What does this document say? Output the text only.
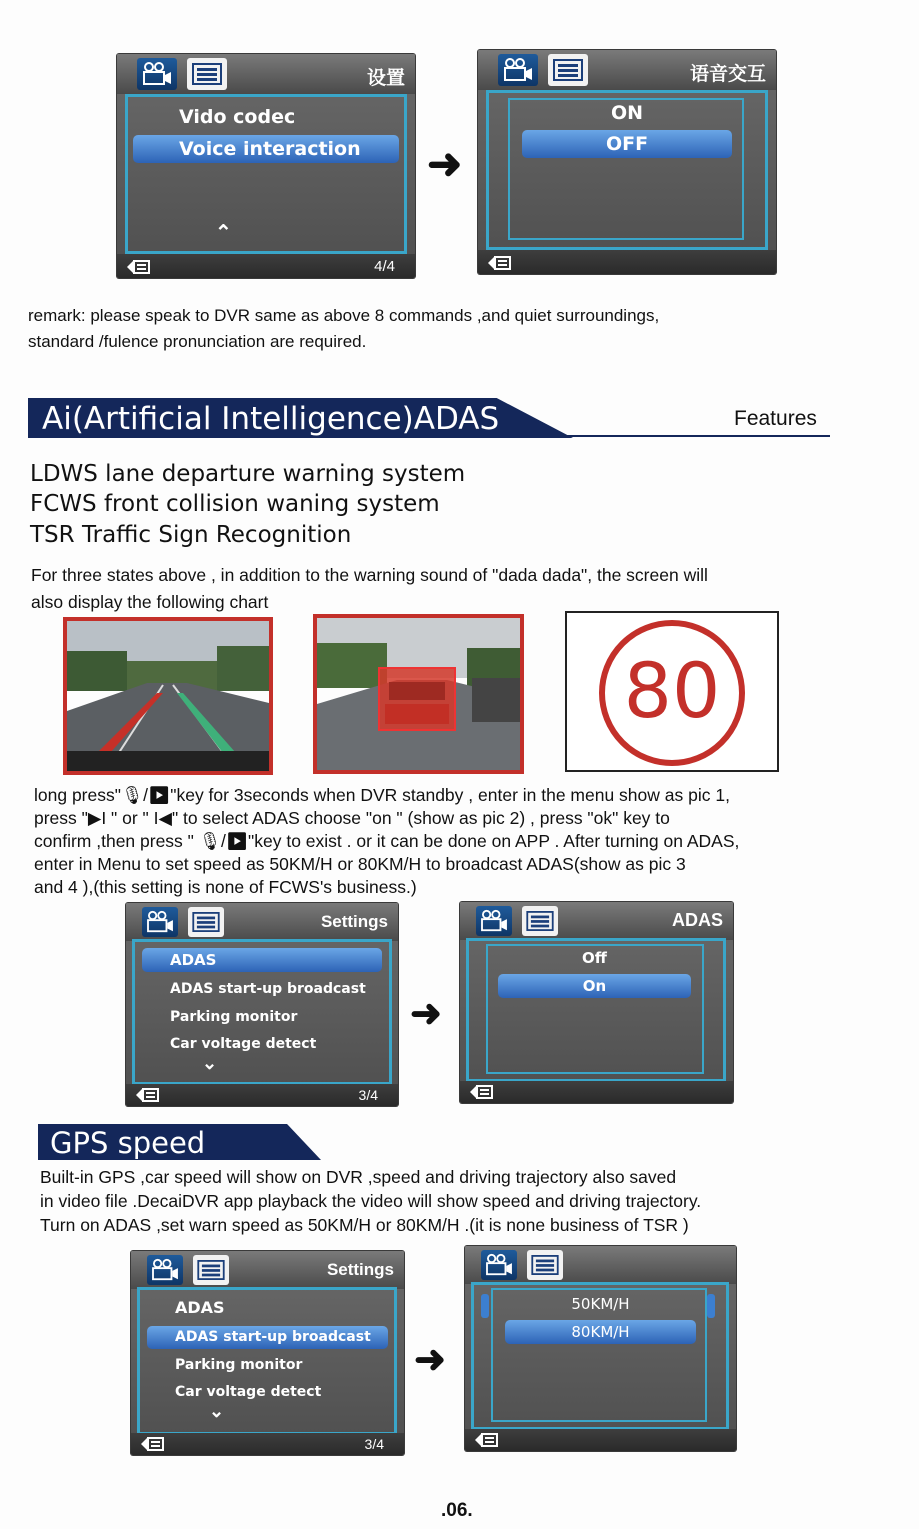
设置
Vido codec
Voice interaction
⌃
4/4
➜
语音交互
ON
OFF
remark: please speak to DVR same as above 8 commands ,and quiet surroundings,
standard /fulence pronunciation are required.
Ai(Artificial Intelligence)ADAS	Features
LDWS lane departure warning system
FCWS front collision waning system
TSR Traffic Sign Recognition
For three states above , in addition to the warning sound of "dada dada", the screen will
also display the following chart
80
long press"🎙/▶"key for 3seconds when DVR standby , enter in the menu show as pic 1,
press "▶I " or " I◀" to select ADAS choose "on " (show as pic 2) , press "ok" key to
confirm ,then press " 🎙/▶"key to exist . or it can be done on APP . After turning on ADAS,
enter in Menu to set speed as 50KM/H or 80KM/H to broadcast ADAS(show as pic 3
and 4 ),(this setting is none of FCWS's business.)
Settings
ADAS
ADAS start-up broadcast
Parking monitor
Car voltage detect
⌄
3/4
➜
ADAS
Off
On
GPS speed
Built-in GPS ,car speed will show on DVR ,speed and driving trajectory also saved
in video file .DecaiDVR app playback the video will show speed and driving trajectory.
Turn on ADAS ,set warn speed as 50KM/H or 80KM/H .(it is none business of TSR )
Settings
ADAS
ADAS start-up broadcast
Parking monitor
Car voltage detect
⌄
3/4
➜
50KM/H
80KM/H
.06.
